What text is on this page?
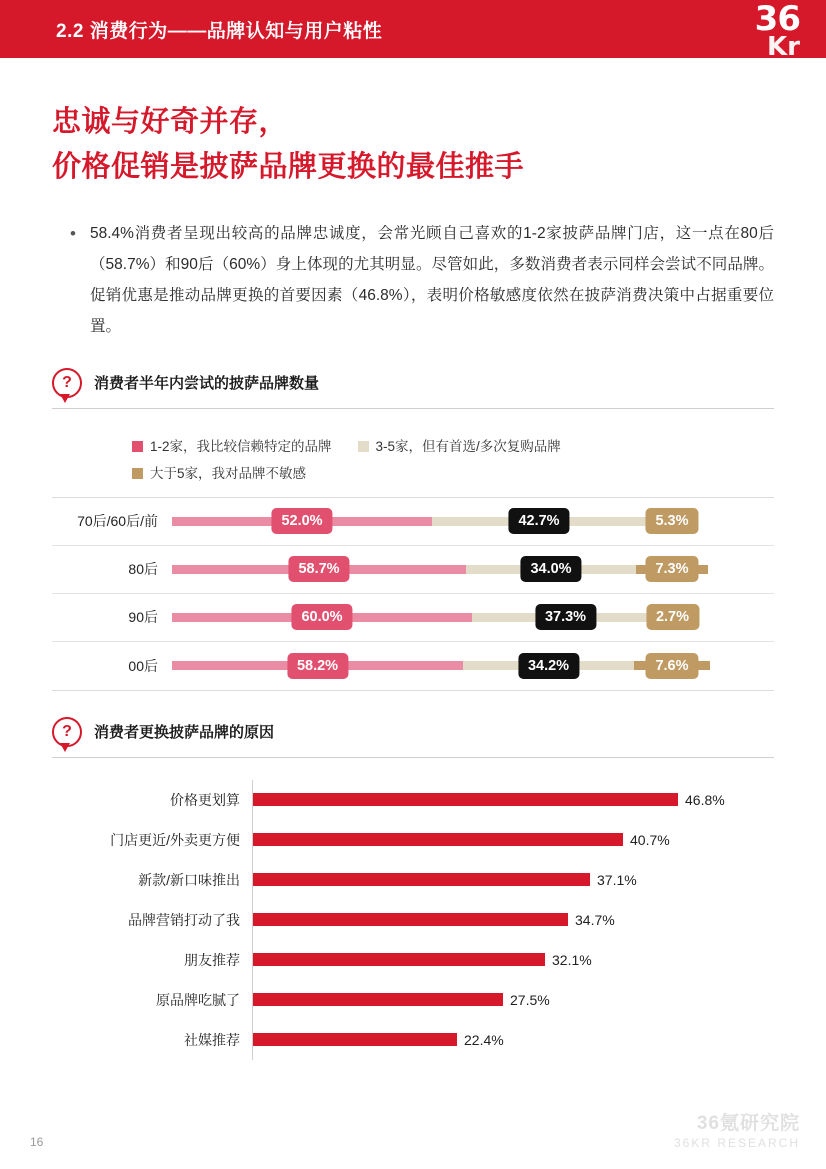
2.2 消费行为——品牌认知与用户粘性	36
Kr
忠诚与好奇并存，
价格促销是披萨品牌更换的最佳推手
• 58.4%消费者呈现出较高的品牌忠诚度，会常光顾自己喜欢的1-2家披萨品牌门店，这一点在80后（58.7%）和90后（60%）身上体现的尤其明显。尽管如此，多数消费者表示同样会尝试不同品牌。促销优惠是推动品牌更换的首要因素（46.8%），表明价格敏感度依然在披萨消费决策中占据重要位置。
?	消费者半年内尝试的披萨品牌数量
1-2家，我比较信赖特定的品牌	3-5家，但有首选/多次复购品牌
大于5家，我对品牌不敏感
70后/60后/前	52.0%	42.7%	5.3%
80后	58.7%	34.0%	7.3%
90后	60.0%	37.3%	2.7%
00后	58.2%	34.2%	7.6%
?	消费者更换披萨品牌的原因
价格更划算	46.8%
门店更近/外卖更方便	40.7%
新款/新口味推出	37.1%
品牌营销打动了我	34.7%
朋友推荐	32.1%
原品牌吃腻了	27.5%
社媒推荐	22.4%
16
36氪研究院
36KR RESEARCH
